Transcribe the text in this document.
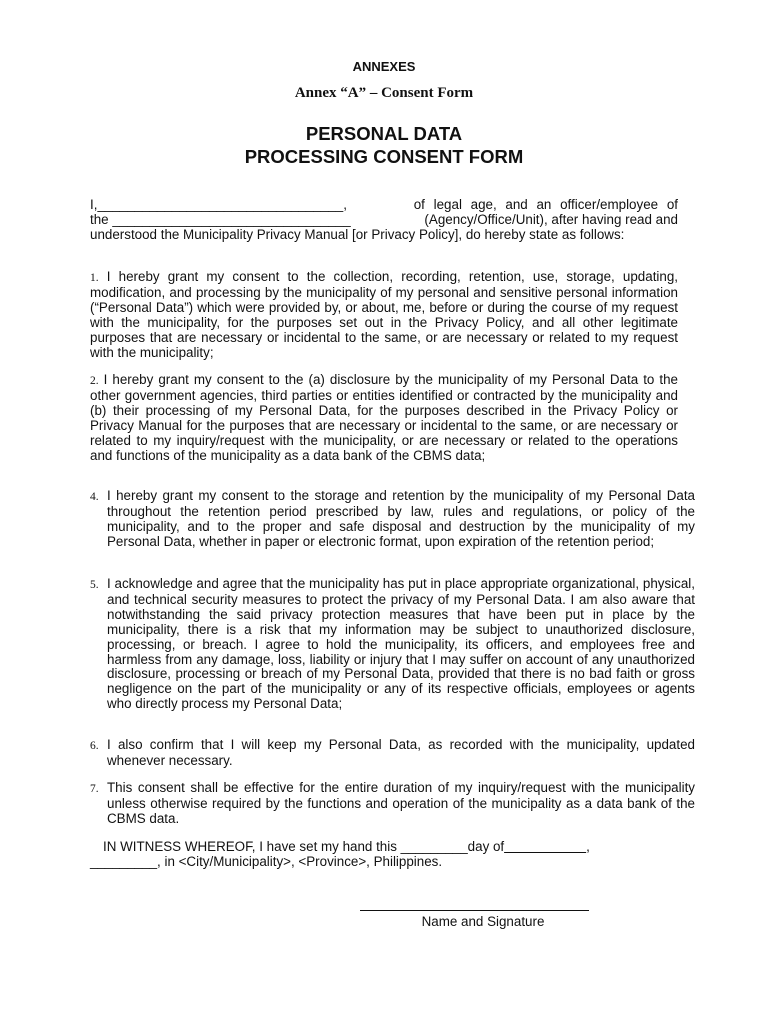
ANNEXES
Annex “A” – Consent Form
PERSONAL DATA
PROCESSING CONSENT FORM
I,_________________________________,	of legal age, and an officer/employee of
the ________________________________	(Agency/Office/Unit), after having read and
understood the Municipality Privacy Manual [or Privacy Policy], do hereby state as follows:

1. I hereby grant my consent to the collection, recording, retention, use, storage, updating, modification, and processing by the municipality of my personal and sensitive personal information (“Personal Data”) which were provided by, or about, me, before or during the course of my request with the municipality, for the purposes set out in the Privacy Policy, and all other legitimate purposes that are necessary or incidental to the same, or are necessary or related to my request with the municipality;

2. I hereby grant my consent to the (a) disclosure by the municipality of my Personal Data to the other government agencies, third parties or entities identified or contracted by the municipality and (b) their processing of my Personal Data, for the purposes described in the Privacy Policy or Privacy Manual for the purposes that are necessary or incidental to the same, or are necessary or related to my inquiry/request with the municipality, or are necessary or related to the operations and functions of the municipality as a data bank of the CBMS data;

4. I hereby grant my consent to the storage and retention by the municipality of my Personal Data throughout the retention period prescribed by law, rules and regulations, or policy of the municipality, and to the proper and safe disposal and destruction by the municipality of my Personal Data, whether in paper or electronic format, upon expiration of the retention period;

5. I acknowledge and agree that the municipality has put in place appropriate organizational, physical, and technical security measures to protect the privacy of my Personal Data. I am also aware that notwithstanding the said privacy protection measures that have been put in place by the municipality, there is a risk that my information may be subject to unauthorized disclosure, processing, or breach. I agree to hold the municipality, its officers, and employees free and harmless from any damage, loss, liability or injury that I may suffer on account of any unauthorized disclosure, processing or breach of my Personal Data, provided that there is no bad faith or gross negligence on the part of the municipality or any of its respective officials, employees or agents who directly process my Personal Data;

6. I also confirm that I will keep my Personal Data, as recorded with the municipality, updated whenever necessary.

7. This consent shall be effective for the entire duration of my inquiry/request with the municipality unless otherwise required by the functions and operation of the municipality as a data bank of the CBMS data.

IN WITNESS WHEREOF, I have set my hand this _________day of___________,
_________, in <City/Municipality>, <Province>, Philippines.
Name and Signature
